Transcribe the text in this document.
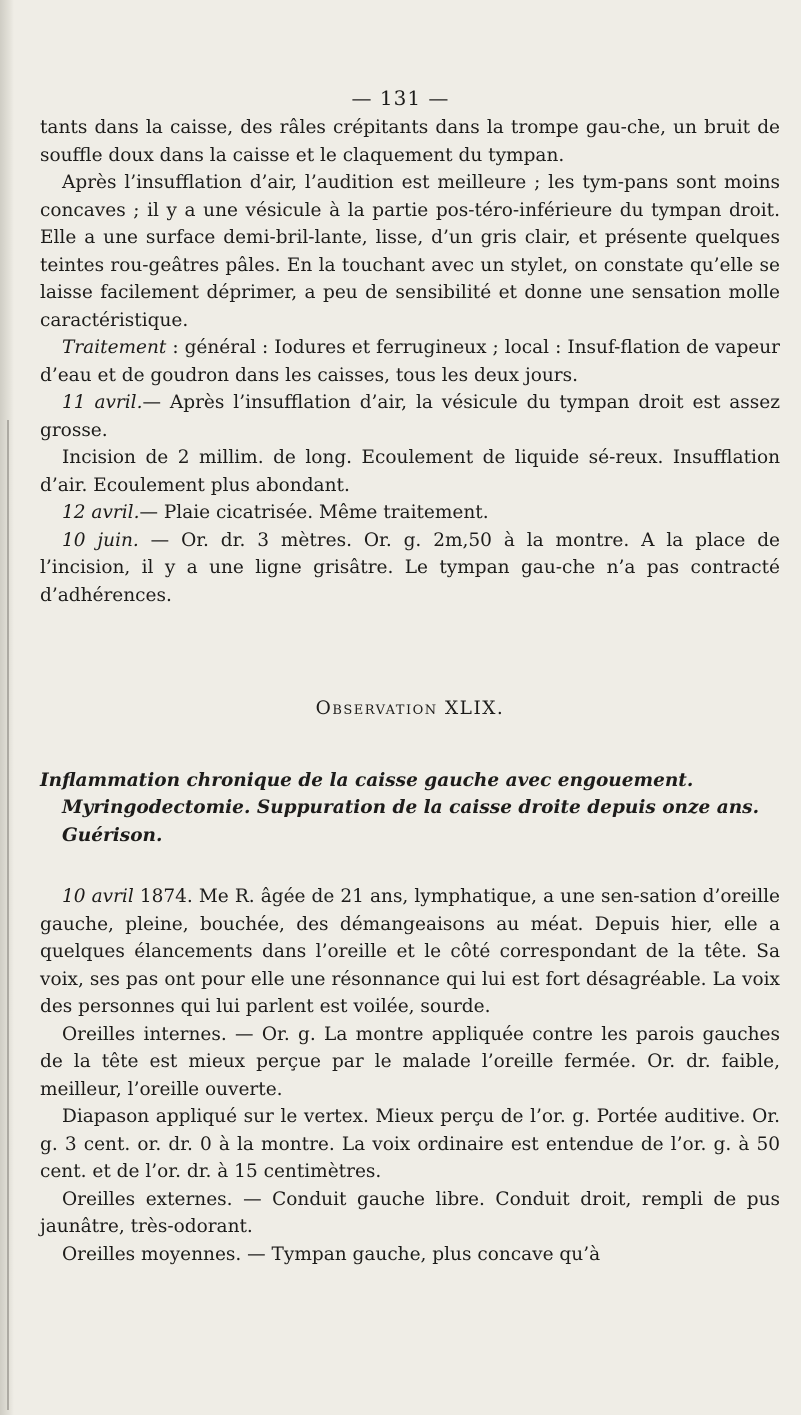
— 131 —

tants dans la caisse, des râles crépitants dans la trompe gau-che, un bruit de souffle doux dans la caisse et le claquement du tympan.

Après l’insufflation d’air, l’audition est meilleure ; les tym-pans sont moins concaves ; il y a une vésicule à la partie pos-téro-inférieure du tympan droit. Elle a une surface demi-bril-lante, lisse, d’un gris clair, et présente quelques teintes rou-geâtres pâles. En la touchant avec un stylet, on constate qu’elle se laisse facilement déprimer, a peu de sensibilité et donne une sensation molle caractéristique.

Traitement : général : Iodures et ferrugineux ; local : Insuf-flation de vapeur d’eau et de goudron dans les caisses, tous les deux jours.

11 avril.— Après l’insufflation d’air, la vésicule du tympan droit est assez grosse.

Incision de 2 millim. de long. Ecoulement de liquide sé-reux. Insufflation d’air. Ecoulement plus abondant.

12 avril.— Plaie cicatrisée. Même traitement.

10 juin. — Or. dr. 3 mètres. Or. g. 2m,50 à la montre. A la place de l’incision, il y a une ligne grisâtre. Le tympan gau-che n’a pas contracté d’adhérences.

Observation XLIX.
Inflammation chronique de la caisse gauche avec engouement.
Myringodectomie. Suppuration de la caisse droite depuis onze ans. Guérison.

10 avril 1874. Me R. âgée de 21 ans, lymphatique, a une sen-sation d’oreille gauche, pleine, bouchée, des démangeaisons au méat. Depuis hier, elle a quelques élancements dans l’oreille et le côté correspondant de la tête. Sa voix, ses pas ont pour elle une résonnance qui lui est fort désagréable. La voix des personnes qui lui parlent est voilée, sourde.

Oreilles internes. — Or. g. La montre appliquée contre les parois gauches de la tête est mieux perçue par le malade l’oreille fermée. Or. dr. faible, meilleur, l’oreille ouverte.

Diapason appliqué sur le vertex. Mieux perçu de l’or. g. Portée auditive. Or. g. 3 cent. or. dr. 0 à la montre. La voix ordinaire est entendue de l’or. g. à 50 cent. et de l’or. dr. à 15 centimètres.

Oreilles externes. — Conduit gauche libre. Conduit droit, rempli de pus jaunâtre, très-odorant.

Oreilles moyennes. — Tympan gauche, plus concave qu’à
